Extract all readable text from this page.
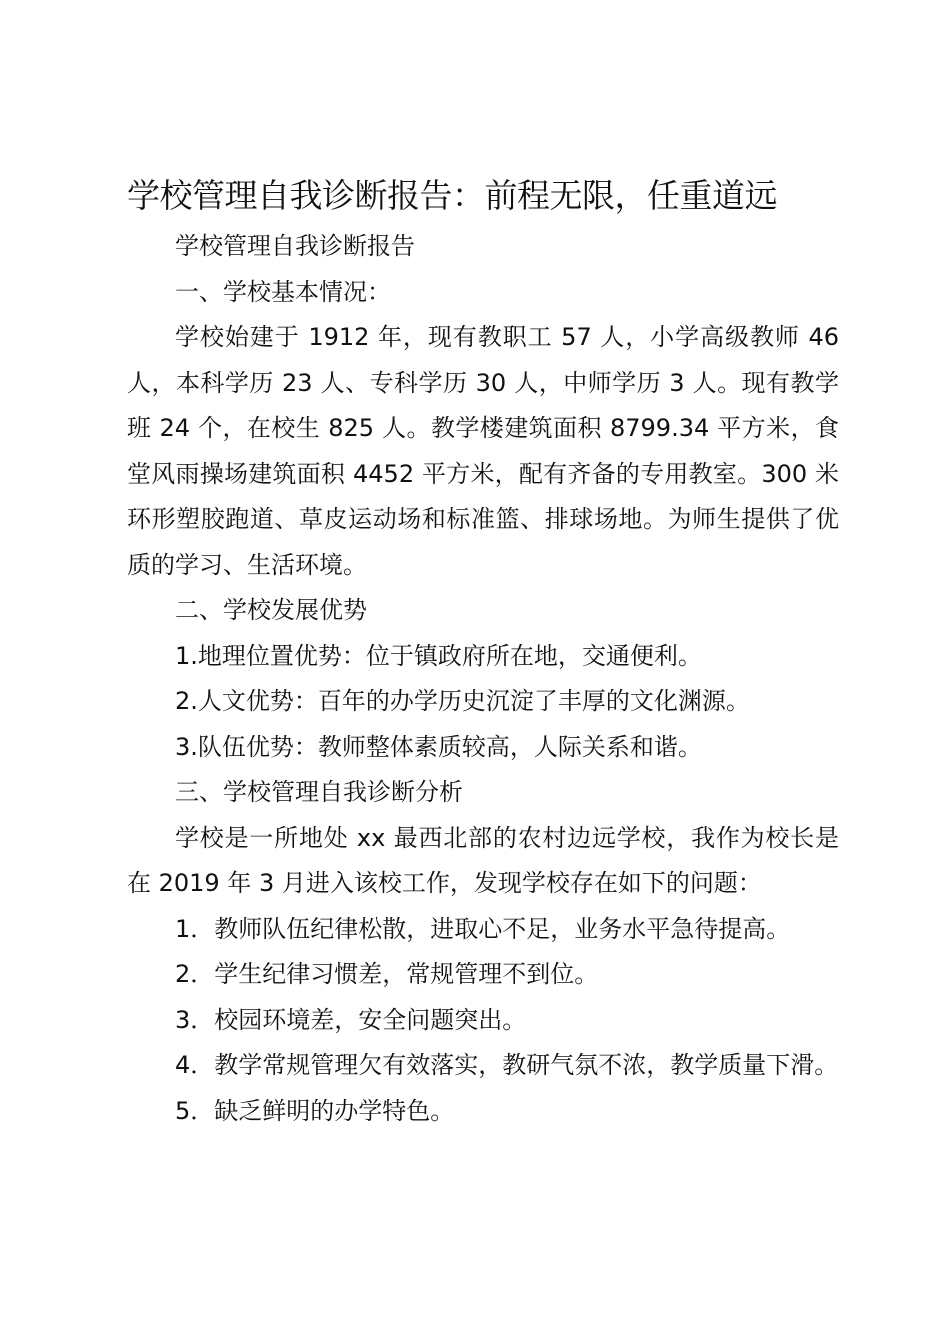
学校管理自我诊断报告：前程无限，任重道远

学校管理自我诊断报告

一、学校基本情况：

学校始建于 1912 年，现有教职工 57 人，小学高级教师 46 人，本科学历 23 人、专科学历 30 人，中师学历 3 人。现有教学班 24 个，在校生 825 人。教学楼建筑面积 8799.34 平方米，食堂风雨操场建筑面积 4452 平方米，配有齐备的专用教室。300 米环形塑胶跑道、草皮运动场和标准篮、排球场地。为师生提供了优质的学习、生活环境。

二、学校发展优势

1.地理位置优势：位于镇政府所在地，交通便利。

2.人文优势：百年的办学历史沉淀了丰厚的文化渊源。

3.队伍优势：教师整体素质较高，人际关系和谐。

三、学校管理自我诊断分析

学校是一所地处 xx 最西北部的农村边远学校，我作为校长是在 2019 年 3 月进入该校工作，发现学校存在如下的问题：

1．教师队伍纪律松散，进取心不足，业务水平急待提高。

2．学生纪律习惯差，常规管理不到位。

3．校园环境差，安全问题突出。

4．教学常规管理欠有效落实，教研气氛不浓，教学质量下滑。

5．缺乏鲜明的办学特色。
